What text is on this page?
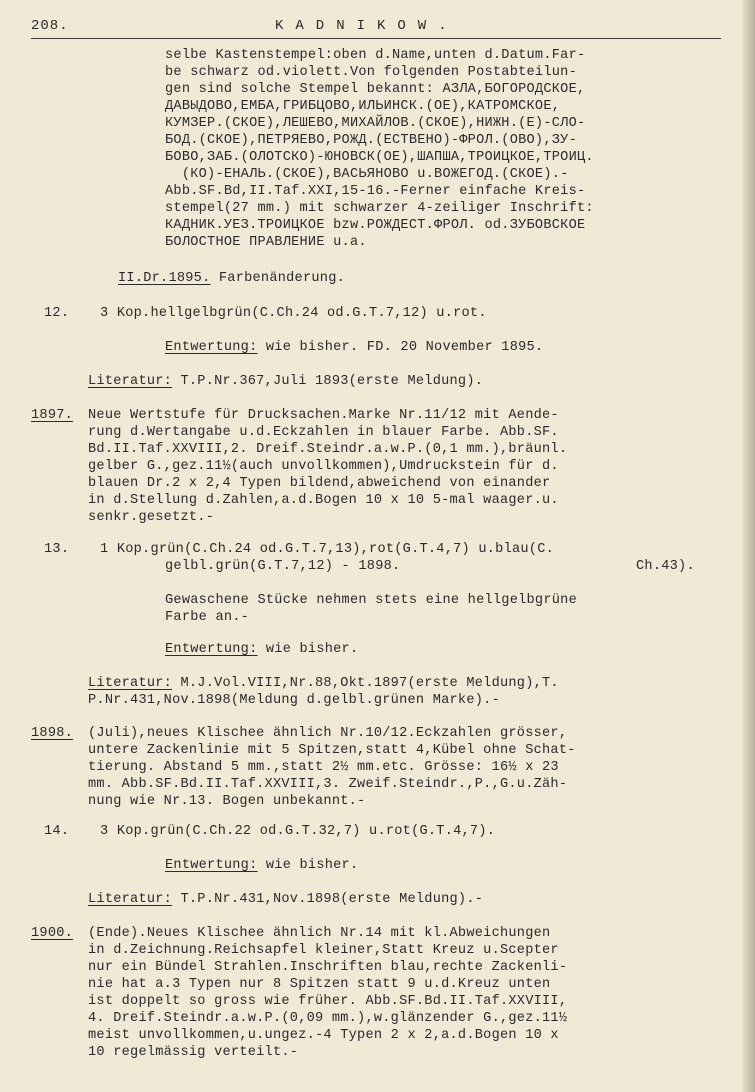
208.	KADNIKOW.
selbe Kastenstempel:oben d.Name,unten d.Datum.Far-
be schwarz od.violett.Von folgenden Postabteilun-
gen sind solche Stempel bekannt: АЗЛА,БОГОРОДСКОЕ,
ДАВЫДОВО,ЕМБА,ГРИБЦОВО,ИЛЬИНСК.(ОЕ),КАТРОМСКОЕ,
КУМЗЕР.(СКОЕ),ЛЕШЕВО,МИХАЙЛОВ.(СКОЕ),НИЖН.(Е)-СЛО-
БОД.(СКОЕ),ПЕТРЯЕВО,РОЖД.(ЕСТВЕНО)-ФРОЛ.(ОВО),ЗУ-
БОВО,ЗАБ.(ОЛОТСКО)-ЮНОВСК(ОЕ),ШАПША,ТРОИЦКОЕ,ТРОИЦ.
(КО)-ЕНАЛЬ.(СКОЕ),ВАСЬЯНОВО u.ВОЖЕГОД.(СКОЕ).-
Abb.SF.Bd,II.Taf.XXI,15-16.-Ferner einfache Kreis-
stempel(27 mm.) mit schwarzer 4-zeiliger Inschrift:
КАДНИК.УЕЗ.ТРОИЦКОЕ bzw.РОЖДЕСТ.ФРОЛ. od.ЗУБОВСКОЕ
БОЛОСТНОЕ ПРАВЛЕНИЕ u.a.
II.Dr.1895. Farbenänderung.
12. 3 Kop.hellgelbgrün(C.Ch.24 od.G.T.7,12) u.rot.
Entwertung: wie bisher. FD. 20 November 1895.
Literatur: T.P.Nr.367,Juli 1893(erste Meldung).
1897. Neue Wertstufe für Drucksachen.Marke Nr.11/12 mit Aende-
rung d.Wertangabe u.d.Eckzahlen in blauer Farbe. Abb.SF.
Bd.II.Taf.XXVIII,2. Dreif.Steindr.a.w.P.(0,1 mm.),bräunl.
gelber G.,gez.11½(auch unvollkommen),Umdruckstein für d.
blauen Dr.2 x 2,4 Typen bildend,abweichend von einander
in d.Stellung d.Zahlen,a.d.Bogen 10 x 10 5-mal waager.u.
senkr.gesetzt.-
13. 1 Kop.grün(C.Ch.24 od.G.T.7,13),rot(G.T.4,7) u.blau(C.
gelbl.grün(G.T.7,12) - 1898.	Ch.43).
Gewaschene Stücke nehmen stets eine hellgelbgrüne
Farbe an.-
Entwertung: wie bisher.
Literatur: M.J.Vol.VIII,Nr.88,Okt.1897(erste Meldung),T.
P.Nr.431,Nov.1898(Meldung d.gelbl.grünen Marke).-
1898. (Juli),neues Klischee ähnlich Nr.10/12.Eckzahlen grösser,
untere Zackenlinie mit 5 Spitzen,statt 4,Kübel ohne Schat-
tierung. Abstand 5 mm.,statt 2½ mm.etc. Grösse: 16½ x 23
mm. Abb.SF.Bd.II.Taf.XXVIII,3. Zweif.Steindr.,P.,G.u.Zäh-
nung wie Nr.13. Bogen unbekannt.-
14. 3 Kop.grün(C.Ch.22 od.G.T.32,7) u.rot(G.T.4,7).
Entwertung: wie bisher.
Literatur: T.P.Nr.431,Nov.1898(erste Meldung).-
1900. (Ende).Neues Klischee ähnlich Nr.14 mit kl.Abweichungen
in d.Zeichnung.Reichsapfel kleiner,Statt Kreuz u.Scepter
nur ein Bündel Strahlen.Inschriften blau,rechte Zackenli-
nie hat a.3 Typen nur 8 Spitzen statt 9 u.d.Kreuz unten
ist doppelt so gross wie früher. Abb.SF.Bd.II.Taf.XXVIII,
4. Dreif.Steindr.a.w.P.(0,09 mm.),w.glänzender G.,gez.11½
meist unvollkommen,u.ungez.-4 Typen 2 x 2,a.d.Bogen 10 x
10 regelmässig verteilt.-
